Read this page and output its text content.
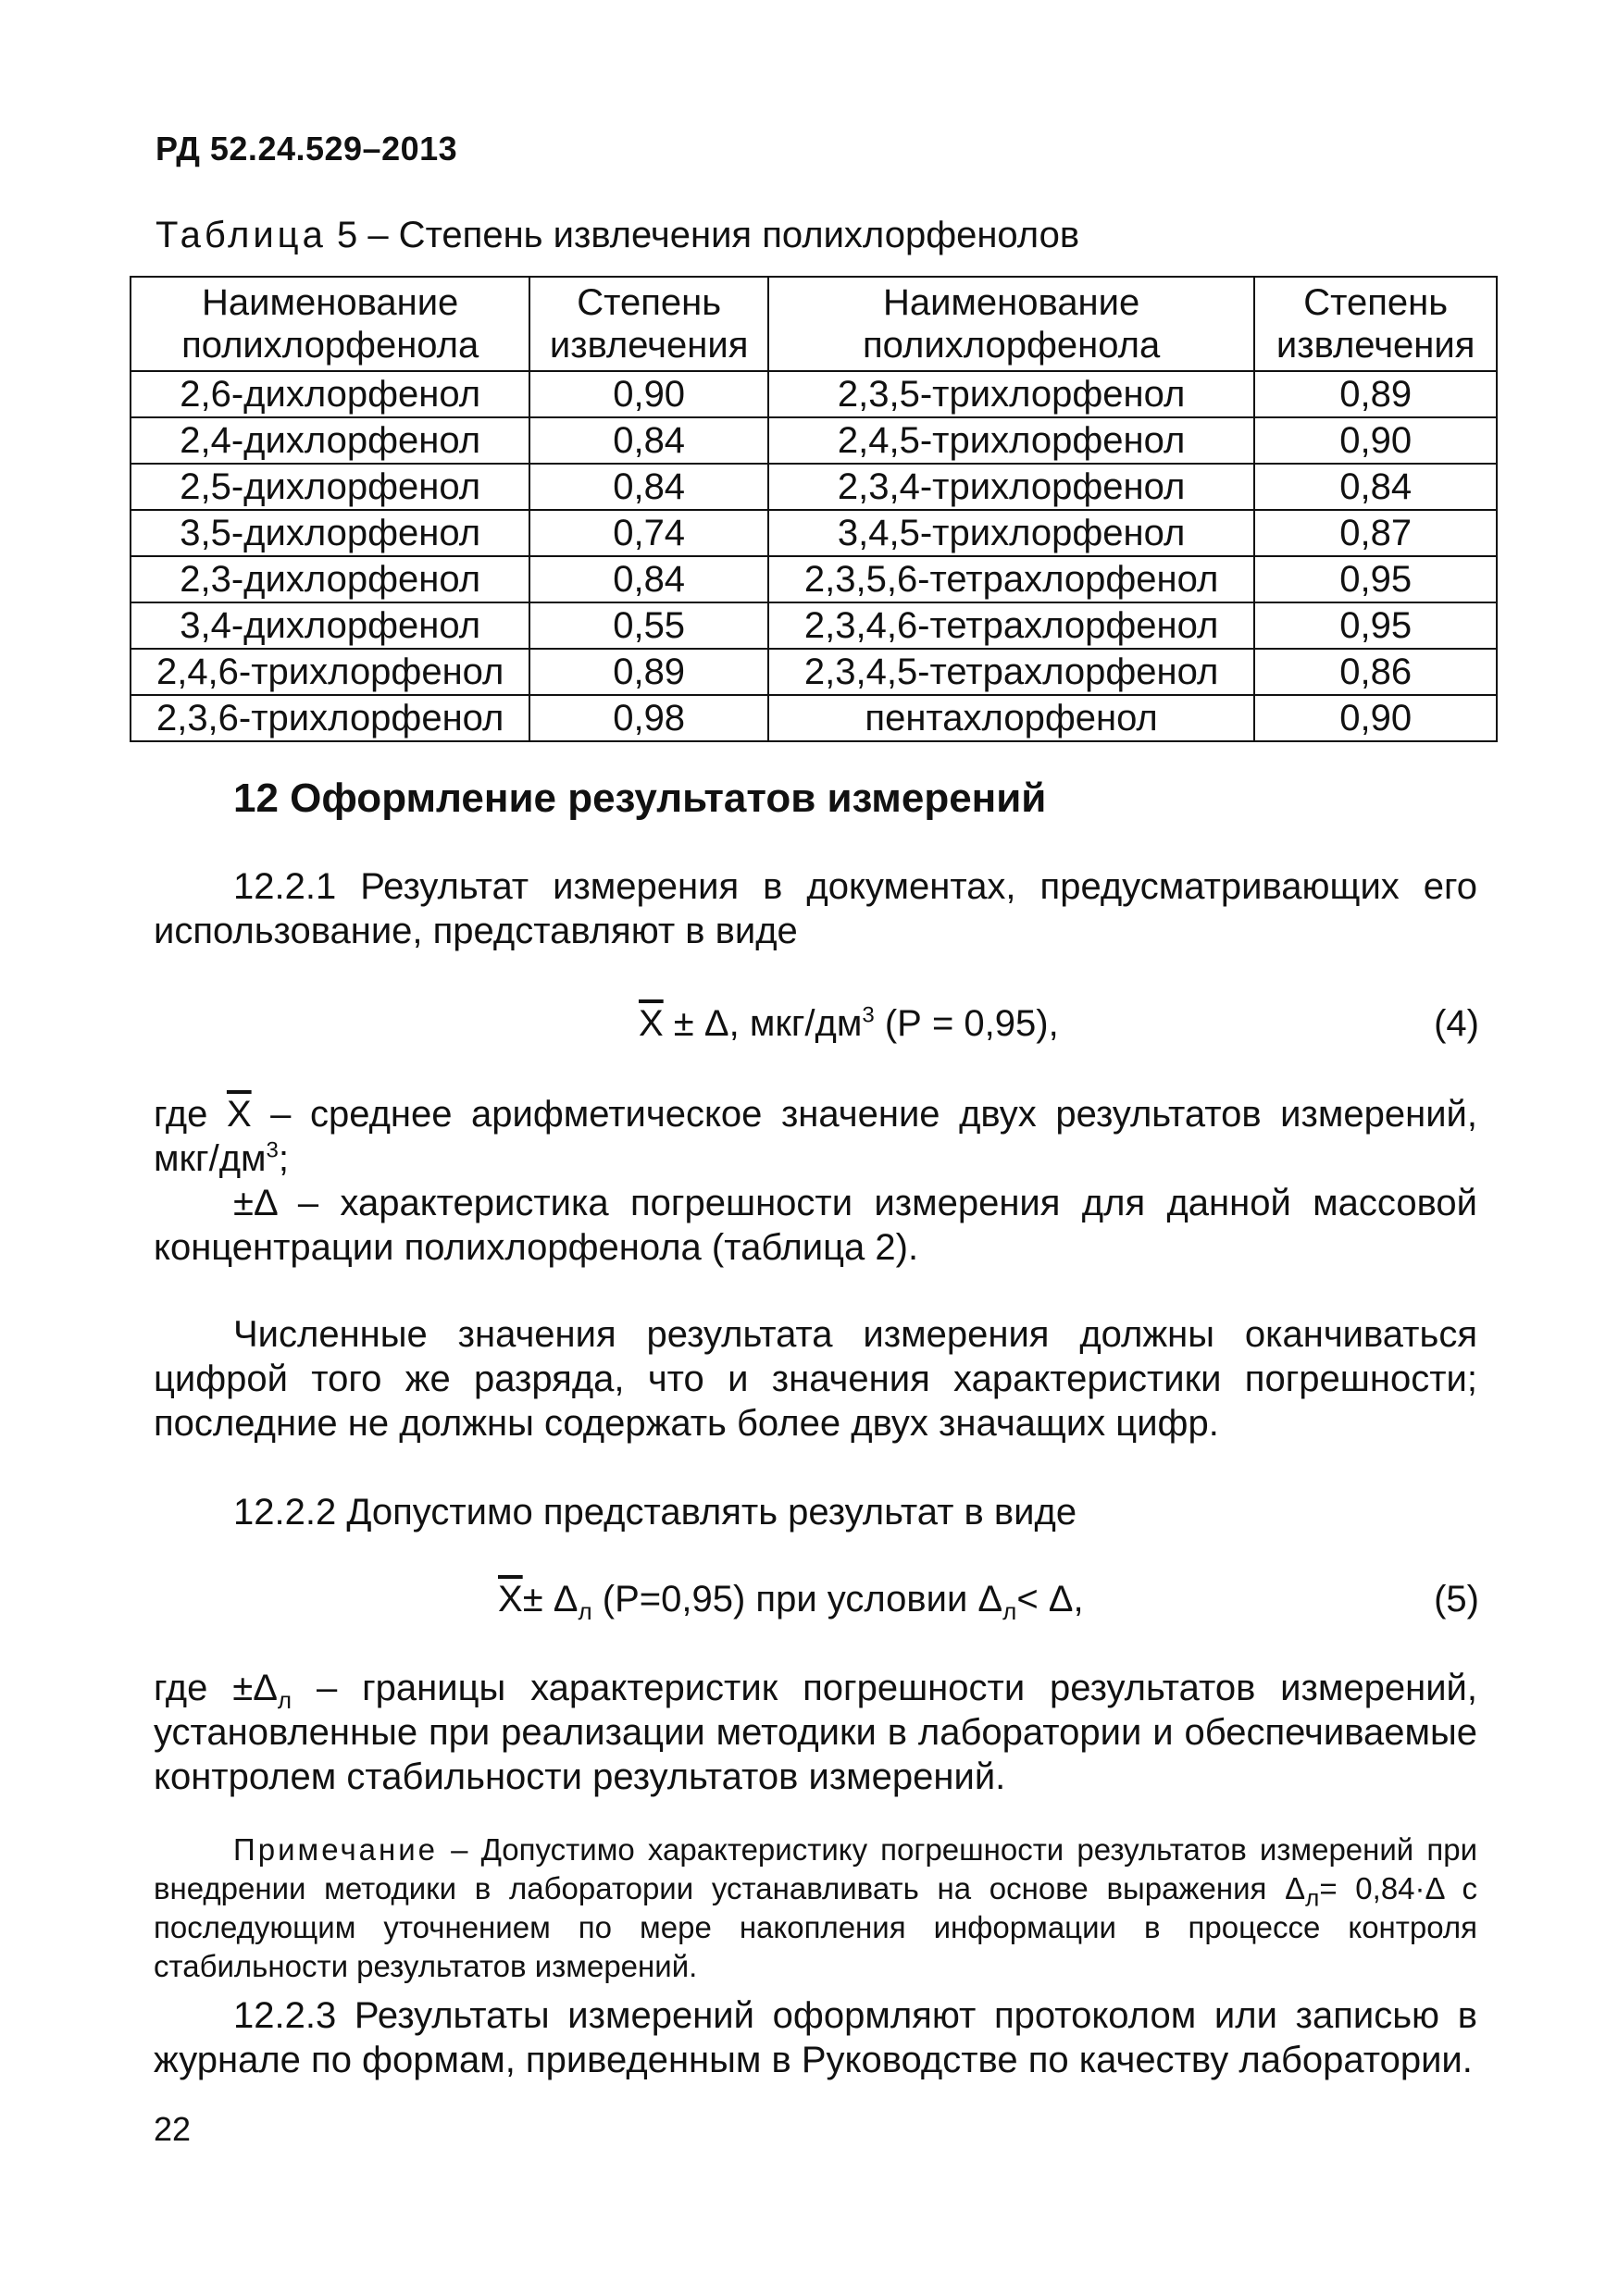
РД 52.24.529–2013
Таблица 5 – Степень извлечения полихлорфенолов
Наименование полихлорфенола	Степень извлечения	Наименование полихлорфенола	Степень извлечения
2,6-дихлорфенол	0,90	2,3,5-трихлорфенол	0,89
2,4-дихлорфенол	0,84	2,4,5-трихлорфенол	0,90
2,5-дихлорфенол	0,84	2,3,4-трихлорфенол	0,84
3,5-дихлорфенол	0,74	3,4,5-трихлорфенол	0,87
2,3-дихлорфенол	0,84	2,3,5,6-тетрахлорфенол	0,95
3,4-дихлорфенол	0,55	2,3,4,6-тетрахлорфенол	0,95
2,4,6-трихлорфенол	0,89	2,3,4,5-тетрахлорфенол	0,86
2,3,6-трихлорфенол	0,98	пентахлорфенол	0,90
12 Оформление результатов измерений
12.2.1 Результат измерения в документах, предусматривающих его использование, представляют в виде
$\overline{X} \pm \Delta$, мкг/$дм^3$ (Р = 0,95),	(4)
где $\overline{X}$ – среднее арифметическое значение двух результатов измерений, мкг/$дм^3$;
±Δ – характеристика погрешности измерения для данной массовой концентрации полихлорфенола (таблица 2).
Численные значения результата измерения должны оканчиваться цифрой того же разряда, что и значения характеристики погрешности; последние не должны содержать более двух значащих цифр.
12.2.2 Допустимо представлять результат в виде
$\overline{X}\pm \Delta_л$ (Р=0,95) при условии $\Delta_л< \Delta$,	(5)
где $\pm\Delta_л$ – границы характеристик погрешности результатов измерений, установленные при реализации методики в лаборатории и обеспечиваемые контролем стабильности результатов измерений.
Примечание – Допустимо характеристику погрешности результатов измерений при внедрении методики в лаборатории устанавливать на основе выражения $\Delta_л= 0,84\cdot\Delta$ с последующим уточнением по мере накопления информации в процессе контроля стабильности результатов измерений.
12.2.3 Результаты измерений оформляют протоколом или записью в журнале по формам, приведенным в Руководстве по качеству лаборатории.
22
